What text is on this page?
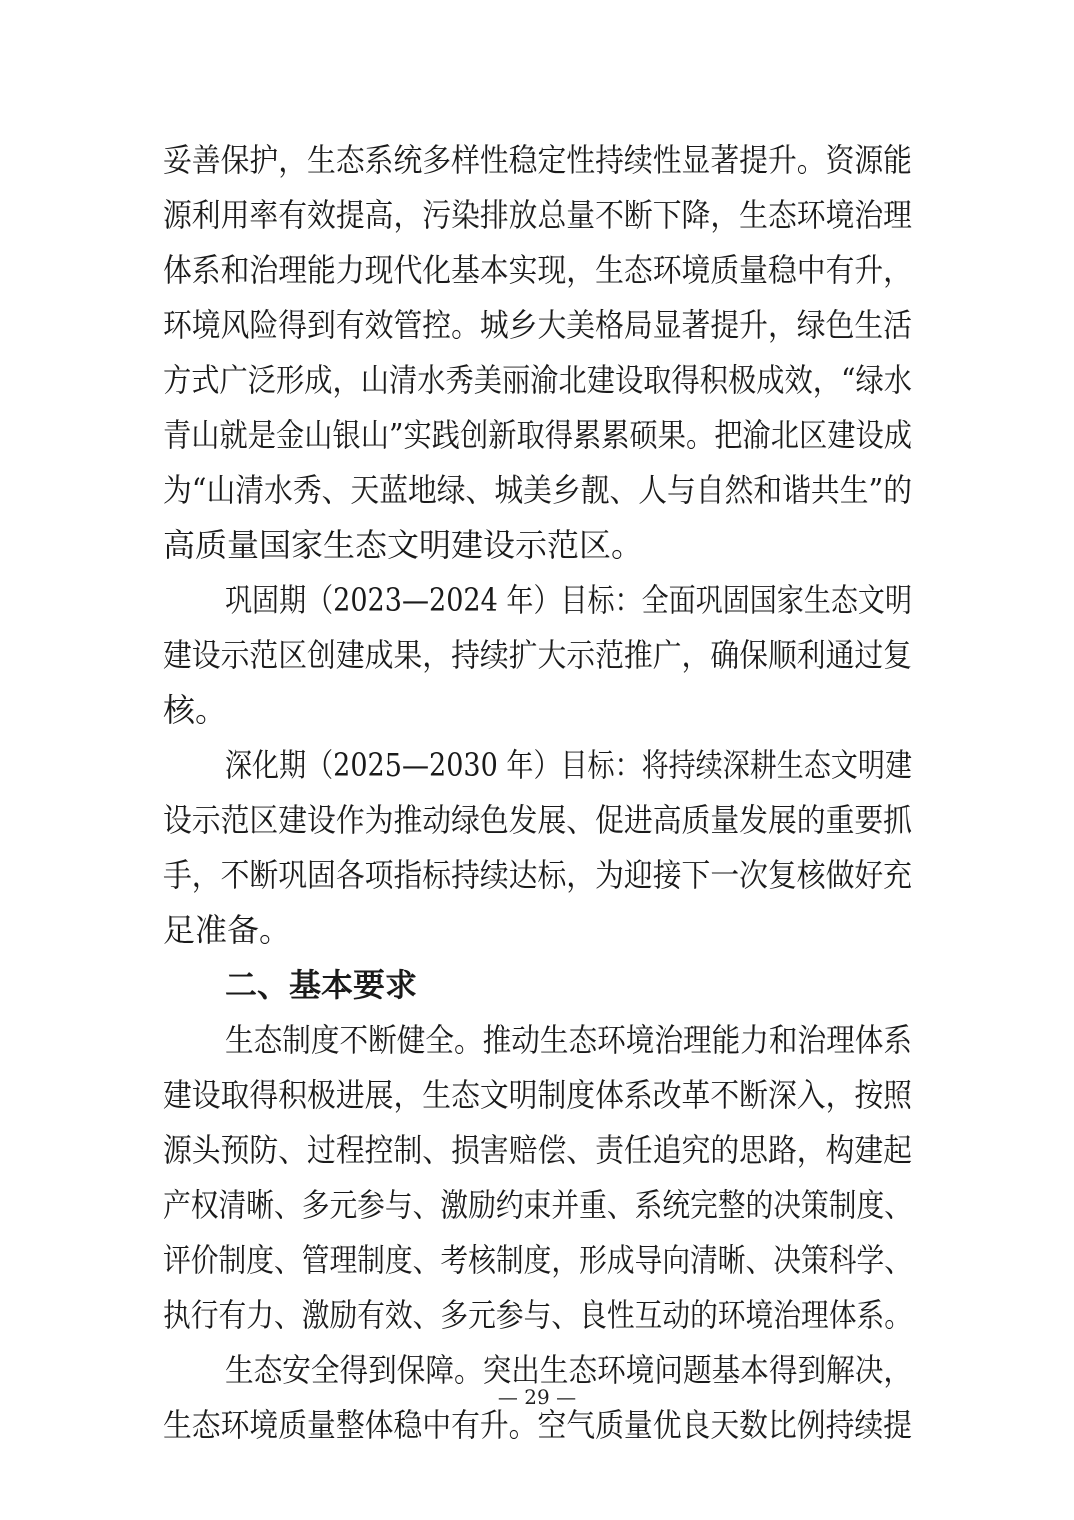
妥善保护，生态系统多样性稳定性持续性显著提升。资源能
源利用率有效提高，污染排放总量不断下降，生态环境治理
体系和治理能力现代化基本实现，生态环境质量稳中有升，
环境风险得到有效管控。城乡大美格局显著提升，绿色生活
方式广泛形成，山清水秀美丽渝北建设取得积极成效，“绿水
青山就是金山银山”实践创新取得累累硕果。把渝北区建设成
为“山清水秀、天蓝地绿、城美乡靓、人与自然和谐共生”的
高质量国家生态文明建设示范区。
巩固期（2023—2024 年）目标：全面巩固国家生态文明
建设示范区创建成果，持续扩大示范推广，确保顺利通过复
核。
深化期（2025—2030 年）目标：将持续深耕生态文明建
设示范区建设作为推动绿色发展、促进高质量发展的重要抓
手，不断巩固各项指标持续达标，为迎接下一次复核做好充
足准备。
二、基本要求
生态制度不断健全。推动生态环境治理能力和治理体系
建设取得积极进展，生态文明制度体系改革不断深入，按照
源头预防、过程控制、损害赔偿、责任追究的思路，构建起
产权清晰、多元参与、激励约束并重、系统完整的决策制度、
评价制度、管理制度、考核制度，形成导向清晰、决策科学、
执行有力、激励有效、多元参与、良性互动的环境治理体系。
生态安全得到保障。突出生态环境问题基本得到解决，
生态环境质量整体稳中有升。空气质量优良天数比例持续提
— 29 —
